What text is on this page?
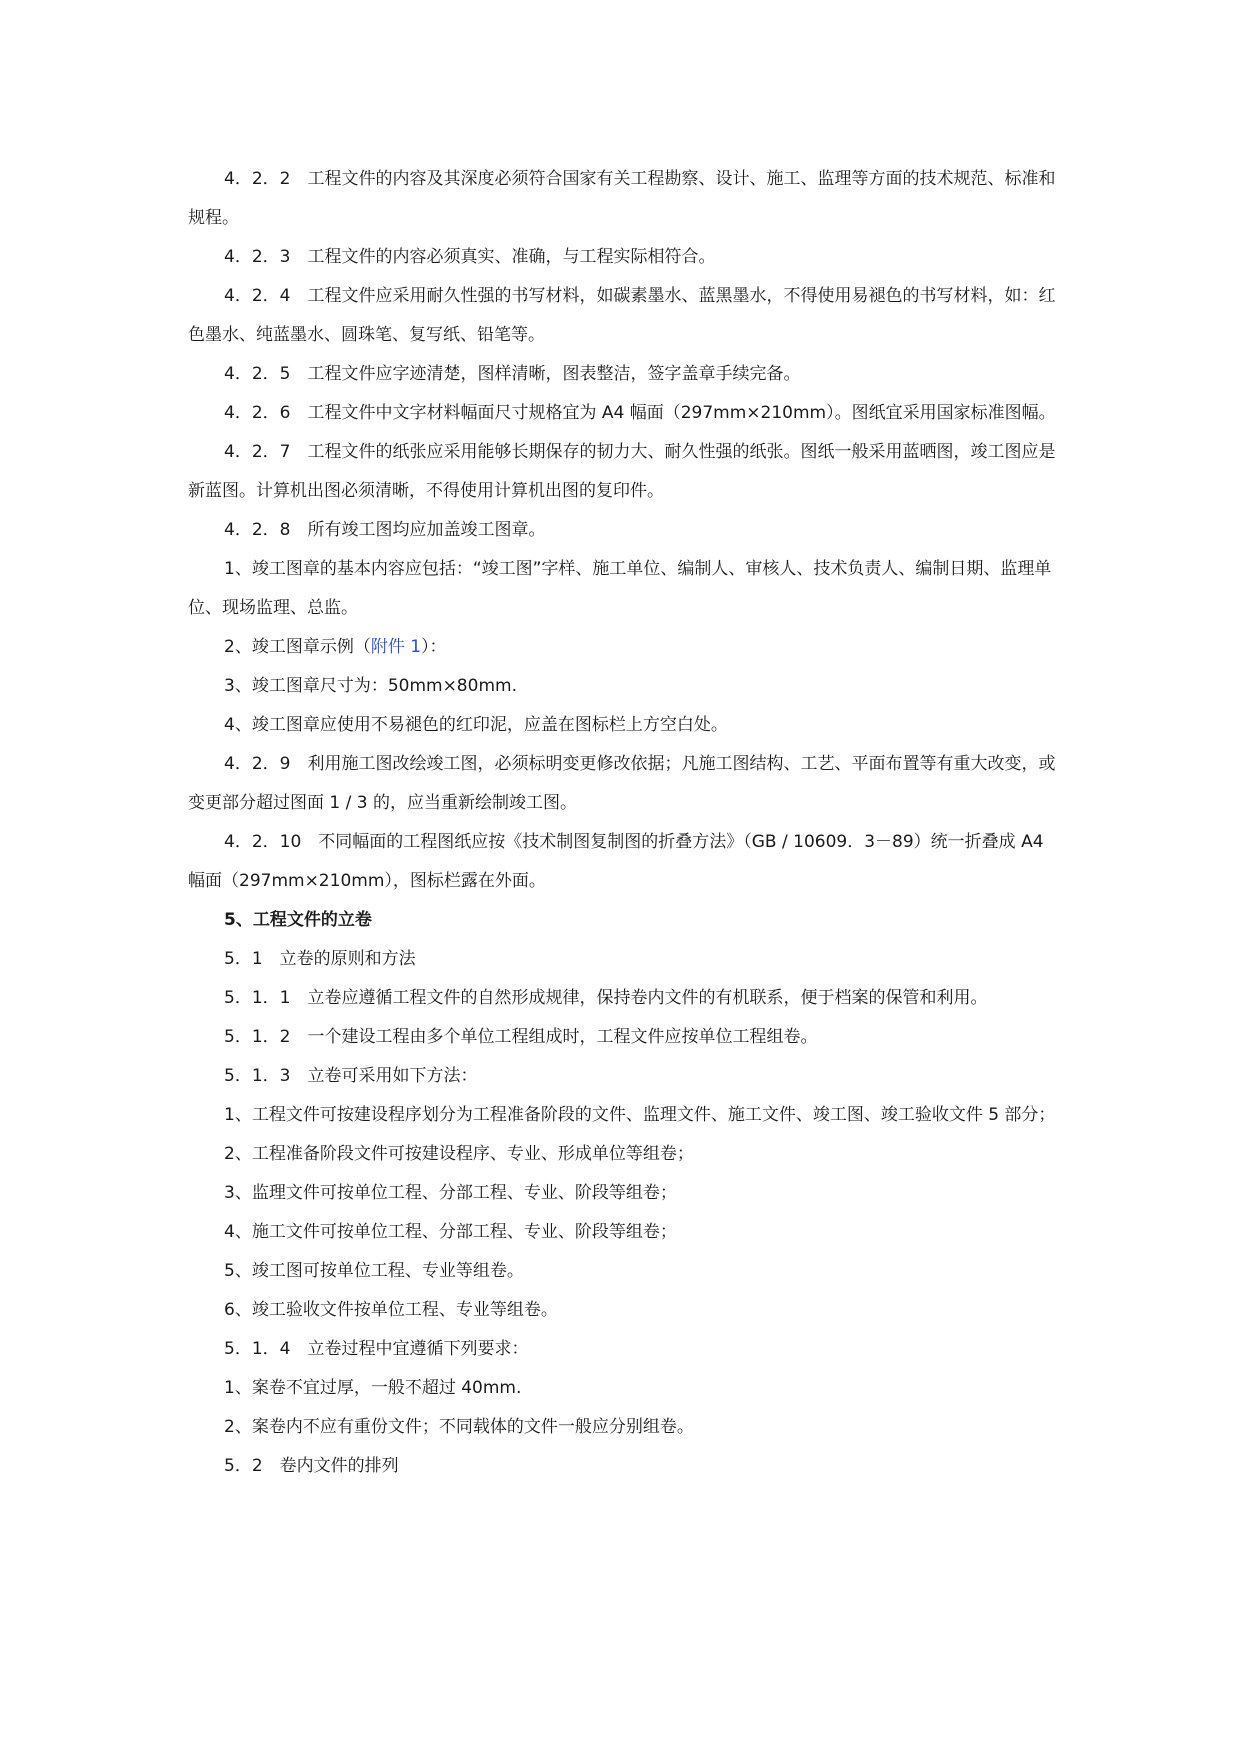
4．2．2　工程文件的内容及其深度必须符合国家有关工程勘察、设计、施工、监理等方面的技术规范、标准和规程。

4．2．3　工程文件的内容必须真实、准确，与工程实际相符合。

4．2．4　工程文件应采用耐久性强的书写材料，如碳素墨水、蓝黑墨水，不得使用易褪色的书写材料，如：红色墨水、纯蓝墨水、圆珠笔、复写纸、铅笔等。

4．2．5　工程文件应字迹清楚，图样清晰，图表整洁，签字盖章手续完备。

4．2．6　工程文件中文字材料幅面尺寸规格宜为 A4 幅面（297mm×210mm）。图纸宜采用国家标准图幅。

4．2．7　工程文件的纸张应采用能够长期保存的韧力大、耐久性强的纸张。图纸一般采用蓝晒图，竣工图应是新蓝图。计算机出图必须清晰，不得使用计算机出图的复印件。

4．2．8　所有竣工图均应加盖竣工图章。

1、竣工图章的基本内容应包括：“竣工图”字样、施工单位、编制人、审核人、技术负责人、编制日期、监理单位、现场监理、总监。

2、竣工图章示例（附件 1）：

3、竣工图章尺寸为：50mm×80mm.

4、竣工图章应使用不易褪色的红印泥，应盖在图标栏上方空白处。

4．2．9　利用施工图改绘竣工图，必须标明变更修改依据；凡施工图结构、工艺、平面布置等有重大改变，或变更部分超过图面 1 / 3 的，应当重新绘制竣工图。

4．2．10　不同幅面的工程图纸应按《技术制图复制图的折叠方法》（GB / 10609．3－89）统一折叠成 A4 幅面（297mm×210mm），图标栏露在外面。

5、工程文件的立卷

5．1　立卷的原则和方法

5．1．1　立卷应遵循工程文件的自然形成规律，保持卷内文件的有机联系，便于档案的保管和利用。

5．1．2　一个建设工程由多个单位工程组成时，工程文件应按单位工程组卷。

5．1．3　立卷可采用如下方法：

1、工程文件可按建设程序划分为工程准备阶段的文件、监理文件、施工文件、竣工图、竣工验收文件 5 部分；

2、工程准备阶段文件可按建设程序、专业、形成单位等组卷；

3、监理文件可按单位工程、分部工程、专业、阶段等组卷；

4、施工文件可按单位工程、分部工程、专业、阶段等组卷；

5、竣工图可按单位工程、专业等组卷。

6、竣工验收文件按单位工程、专业等组卷。

5．1．4　立卷过程中宜遵循下列要求：

1、案卷不宜过厚，一般不超过 40mm.

2、案卷内不应有重份文件；不同载体的文件一般应分别组卷。

5．2　卷内文件的排列
